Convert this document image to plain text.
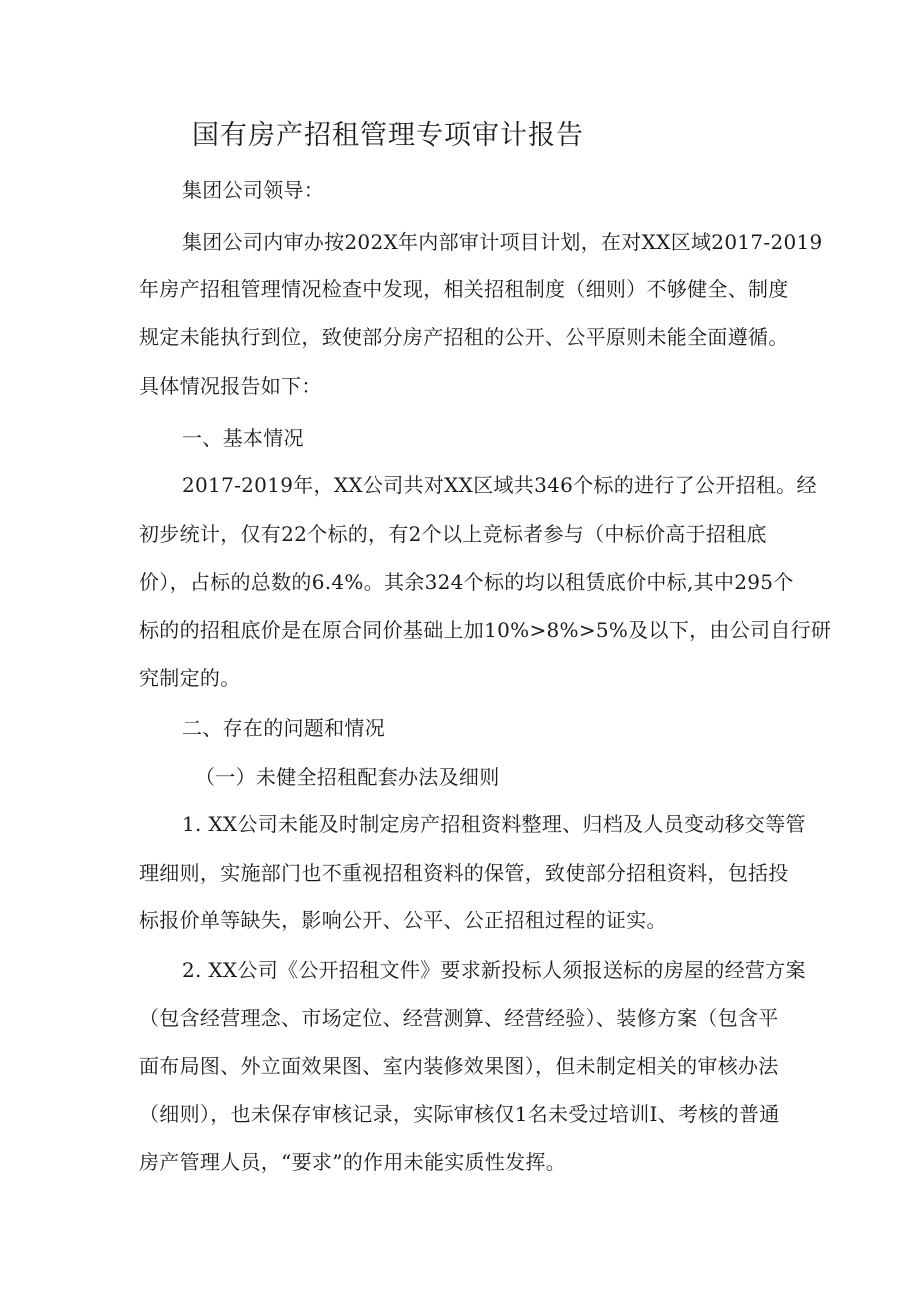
国有房产招租管理专项审计报告
集团公司领导：
集团公司内审办按202X年内部审计项目计划，在对XX区域2017-2019
年房产招租管理情况检查中发现，相关招租制度（细则）不够健全、制度
规定未能执行到位，致使部分房产招租的公开、公平原则未能全面遵循。
具体情况报告如下：
一、基本情况
2017-2019年，XX公司共对XX区域共346个标的进行了公开招租。经
初步统计，仅有22个标的，有2个以上竞标者参与（中标价高于招租底
价），占标的总数的6.4%。其余324个标的均以租赁底价中标,其中295个
标的的招租底价是在原合同价基础上加10%>8%>5%及以下，由公司自行研
究制定的。
二、存在的问题和情况
（一）未健全招租配套办法及细则
1. XX公司未能及时制定房产招租资料整理、归档及人员变动移交等管
理细则，实施部门也不重视招租资料的保管，致使部分招租资料，包括投
标报价单等缺失，影响公开、公平、公正招租过程的证实。
2. XX公司《公开招租文件》要求新投标人须报送标的房屋的经营方案
（包含经营理念、市场定位、经营测算、经营经验）、装修方案（包含平
面布局图、外立面效果图、室内装修效果图），但未制定相关的审核办法
（细则），也未保存审核记录，实际审核仅1名未受过培训I、考核的普通
房产管理人员，“要求”的作用未能实质性发挥。
